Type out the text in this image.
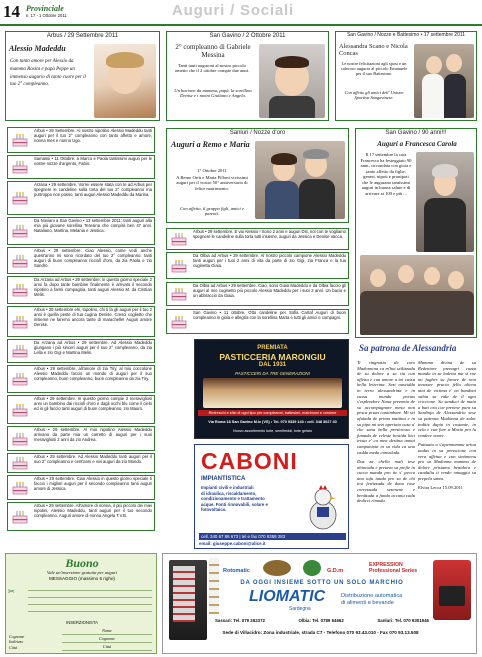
14 Provinciale
n. 17 - 1 Ottobre 2011	Auguri / Sociali
Arbus / 29 Settembre 2011
Alessio Madeddu
Con tanto amore per Alessio da mamma Roxita e papà Peppe un immenso augurio di tanto cuore per il tuo 2° compleanno.
San Gavino / 2 Ottobre 2011
2° compleanno di Gabriele Messina
Tanti tanti auguroni al nostro piccolo ometto che il 2 ottobre compie due anni.
Un bacione da mamma, papà, la sorellina Denise e i nonni Giuliano e Angela.
San Gavino / Nozze e Battesimo • 17 settembre 2011
Alessandra Scano e Nicola Concas
Le nostre felicitazioni agli sposi e un caloroso augurio al piccolo Emanuele per il suo Battesimo.
Con affetto gli amici dell' Unione Sportiva Sangavinese.
Arbus • 29 Settembre. Al nostro nipotino Alessio Madeddu tanti auguri per il tuo 2° compleanno con tanto affetto e amore, nonna Ines e nonno Ugo.
Samassi • 11 Ottobre: a Marco e Paola tantissimi auguri per le vostre nozze d'argento, Fabio.
Arzana • 29 settembre. Vorrei essere stata con te ad Arbus per spegnere le candeline sulla torta del tuo 2° compleanno ma purtroppo non posso, tanti auguri Alessio Madeddu da Marina.
Da Noviani a San Gavino • 13 settembre 2011: tanti auguri alla mia più giovane sorellina Teresina che compirà ben 47 anni. Nataliano, Martina, Melania e Jessica.
Arbus • 29 settembre. Ciao Alessio, come vedi anche quest'anno mi sono ricordato del tuo 2° compleanno: tanti auguri di buon compleanno ricciolì d'oro, da zia Paola e zio Sandro.
Da Arzana ad Arbus • 29 settembre: in questo giorno speciale 2 anni fa dopo tante bambine finalmente è arrivato il secondo nipotino a farmi compagnia, tanti auguri Alessio M. da Cristian Melis.
Arbus • 29 settembre ehi, topolino, chi ti fa gli auguri per il tuo 2 anni è quella peste di tua cugina Denise. Cresci coglietto che insieme ne faremo ancora tante di marachelle! Auguri amore Denise.
Da Arzana ad Arbus • 29 settembre. Ad Alessio Madeddu giungano i più sinceri auguri per il suo 2° compleanno, da zia Lella e zio Gigi e Martina Melis.
Arbus • 29 settembre, all'amore di zia Tiry, al mio coccolone Alessio Madeddu faccio un mondo di auguri per il suo compleanno, buon compleanno, buon compleanno da zia Tiry.
Arbus • 29 settembre. In questo giorno compie 2 meravigliosi anni un bambino dai ricciolì d'oro e dagli occhi blu come il cielo ed io gli faccio tanti auguri di buon compleanno, zio Mauro.
Arbus • 29 settembre. Al mio nipotino Alessio Madeddu arrivano da parte mia un carretto di auguri per i suoi meravigliosi 2 anni da zio Andrea.
Arbus • 29 settembre. Ad Alessio Madeddu tanti auguri per il suo 2° compleanno e cent'anni e vivi auguri da zio Mondo.
Arbus • 29 settembre. Ciao Alessio in questo giorno speciale ti faccio i migliori auguri per il secondo compleanno tanti auguri amore di Jessica.
Arbus • 29 settembre. All'amore di nonna, il più piccolo dei miei nipotini, Alessio Madeddu, tanti auguri per il tuo secondo compleanno. Auguri amore di nonna Angela T.V.B.
Sanluri / Nozze d'oro
Auguri a Remo e Maria
1° Ottobre 2011
A Remo Orrù e Maria Pilloni vivissimi auguri per il vostro 50° anniversario di felice matrimonio.
Con affetto, il gruppo figli, amici e parenti.
San Gavino / 90 anni!!!
Auguri a Francesca Carola
Il 17 settembre la cara Francesca ha festeggiato 90 anni, circondata con gioia e tanto affetto da figlie, generi, nipoti e pronipoti che le augurano tantissimi auguri in buona salute e di arrivare ai 100 e più ...
Arbus • 29 settembre. E vai Alessio ! Sono 2 anni e auguri Diti, noi con te vogliamo spegnere le candeline sulla torta tutti insieme, auguri da Jessica e Denise Vacca.
Da Olbia ad Arbus • 29 settembre. Al nostro piccolo campione Alessio Madeddu tanti auguri per i tuoi 2 anni di vita da parte di zio Gigi, zia Franca e la tua cuginetta Giaia.
Da Olbia ad Arbus • 29 settembre. Ciao, sono Giaia Madeddu e da Olbia faccio gli auguri al mio cuginetto più piccolo Alessio Madeddu per i suoi 2 anni. Un bacio e un abbraccio da Giaia.
San Gavino • 11 ottobre. Otto candeline per Sofia Cartaf Auguri di buon compleanno in gioia e allegria con la sorellina Marta e tutti gli amici e compagni.
PREMIATA
PASTICCERIA MARONGIU
DAL 1931
PASTICCERI DA TRE GENERAZIONI
Rinfreschi e sfizi di ogni tipo per compleanni, battesimi, matrimoni e cresime
Via Roma 18 San Gavino M.le (VS) • Tel. 070 9339 143 • cell. 348 3027 40
Nuovo assortimento torte, semifreddi, torte gelato
CABONI
IMPIANTISTICA
Impianti civili e industriali
di idraulica, riscaldamento,
condizionamento e trattamento
acque. Fonti rinnovabili, solare e
fotovoltaico.
cell. 340 67 86 673 | tel e fax 070 9358 283
email: giuseppe.caboni@alice.it
Sa patrona de Alessandria

Ti ringrazia de coro Madonnina ca m'hai utilizzadu de su dolore a sa ria cun affettu e cun amore a tot cussu bella letterina. Sezi nascidda in terra alessandrina e in cussa mundu portas s'esplendore Nana prezonia de su accompagnare mesu non pesca pruas cantimbare. Mi sei afaiada de prima mattina e in sa pipa mi sezi apertaia cuza u' che sana bella presiorosa e fumada de celeste bestida bici trista e' ca mea destina annui campanixia in sa vida ca una cadda meda cunsolada.

Duz za chella mali tese abiocadu e pretava sa prefie in cucca manda pro tie s' pecca una tufa tauda pro sa de chi tesi festizzada de dona cose correzzada sezenene e benittuda a fundu accanu cadu dedicci rimadu.

Mamma divina de sa Redentore prenagri cuzza manda in sa baletta ma si rae mi faghes su favore de non tenesser prucia fella aliena mai de victima e' no bandoni xabia sa vida de il ogni criccione. Su sanduci de maia a bati ora cue prenese pura sa Sardinja de Alessandria sese sa patrona Madonna de zalor inditiz dupia in costante, in vela e cun fore a Maria pro lu rendere onore.

Pattuaiu a s'apennammu urtua undas in sa presscione con vera affetua e cun sintimenu pro sa Madonna mamma de dolore prisiamu benidora e candalia ti rendo omaggiu sa prepela santa.

Elvira Lecca 15.09.2011

Buono
Vale un'inserzione gratuita per auguri
MESSAGGIO (massimo 5 righe)
INSERZIONISTA
Nome
Cognome
Città
Cognome
Indirizzo
Città
✂
Rotomatic	G.D.m
EXPRESSION Professional Series
DA OGGI INSIEME SOTTO UN SOLO MARCHIO
LIOMATIC
Sardegna
Distribuzione automatica
di alimenti e bevande
Sassari: Tel. 079 262372	Olbia: Tel. 0789 64662	Sanluri: Tel. 070 9301946
Sede di Villacidro: Zona industriale, strada C7 - Telefono 070 93.43.010 - Fax 070 93.13.508
